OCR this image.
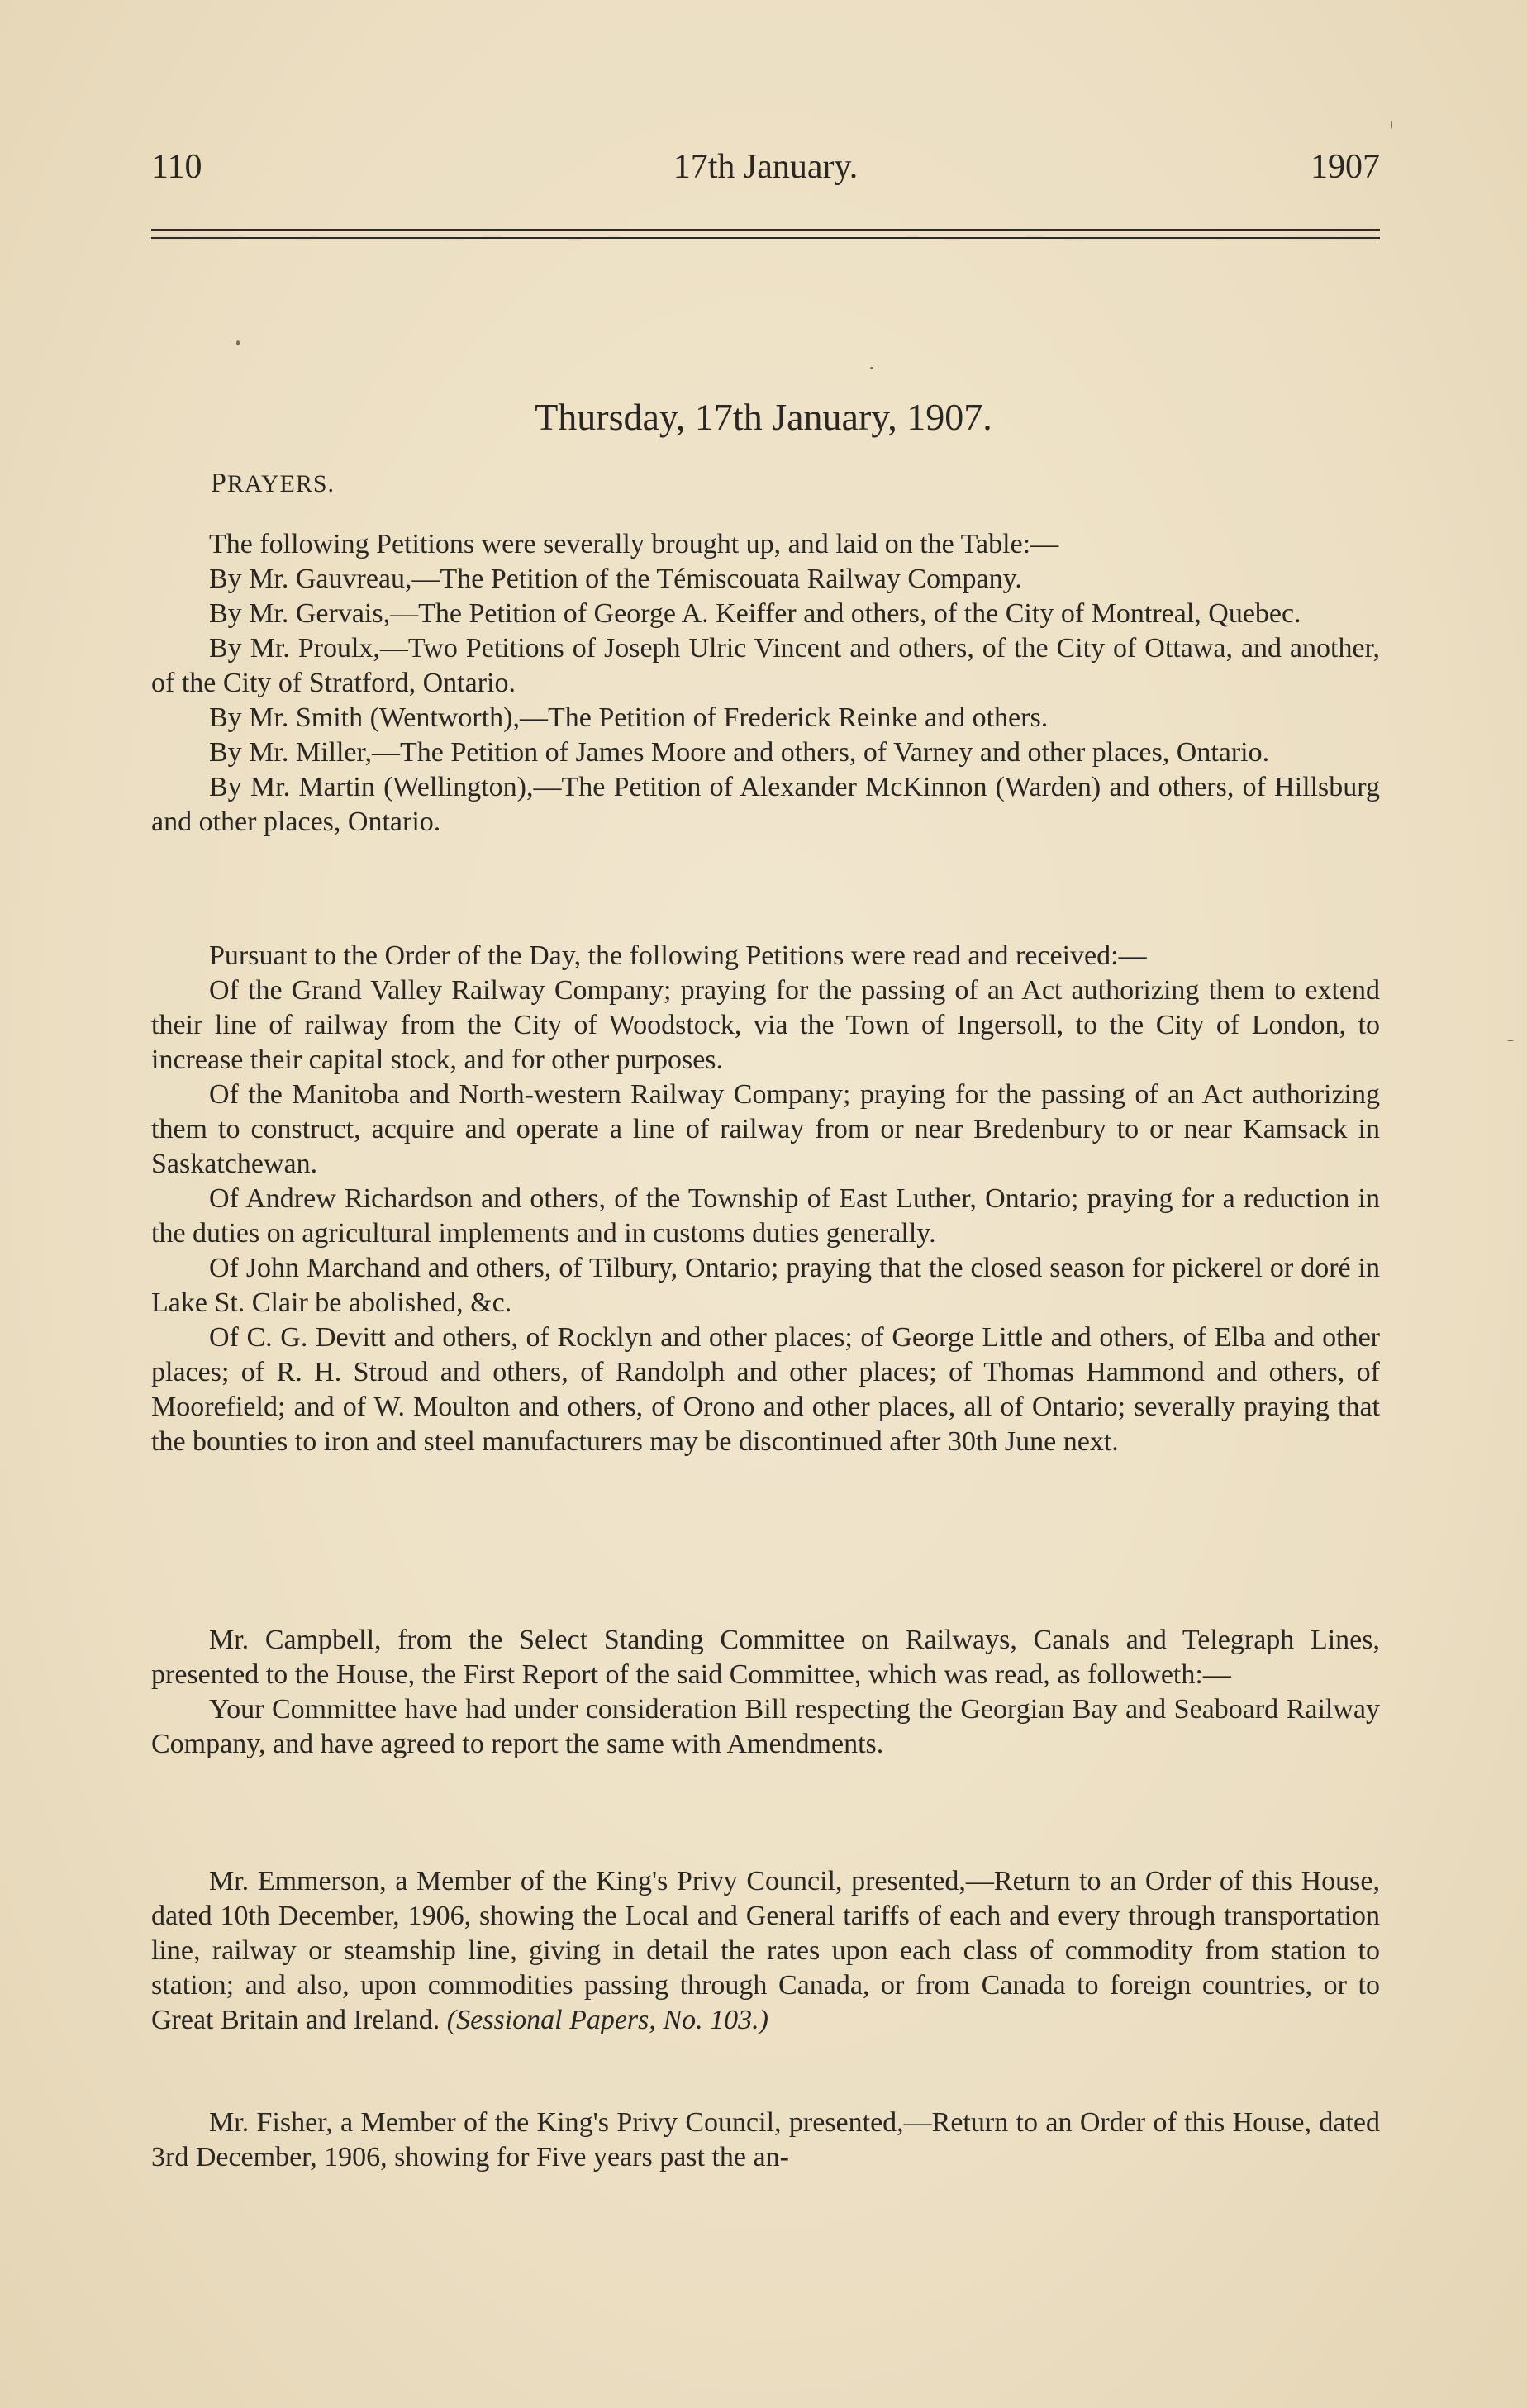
110	17th January.	1907
Thursday, 17th January, 1907.
PRAYERS.

The following Petitions were severally brought up, and laid on the Table:—

By Mr. Gauvreau,—The Petition of the Témiscouata Railway Company.

By Mr. Gervais,—The Petition of George A. Keiffer and others, of the City of Montreal, Quebec.

By Mr. Proulx,—Two Petitions of Joseph Ulric Vincent and others, of the City of Ottawa, and another, of the City of Stratford, Ontario.

By Mr. Smith (Wentworth),—The Petition of Frederick Reinke and others.

By Mr. Miller,—The Petition of James Moore and others, of Varney and other places, Ontario.

By Mr. Martin (Wellington),—The Petition of Alexander McKinnon (Warden) and others, of Hillsburg and other places, Ontario.

Pursuant to the Order of the Day, the following Petitions were read and received:—

Of the Grand Valley Railway Company; praying for the passing of an Act authorizing them to extend their line of railway from the City of Woodstock, via the Town of Ingersoll, to the City of London, to increase their capital stock, and for other purposes.

Of the Manitoba and North-western Railway Company; praying for the passing of an Act authorizing them to construct, acquire and operate a line of railway from or near Bredenbury to or near Kamsack in Saskatchewan.

Of Andrew Richardson and others, of the Township of East Luther, Ontario; praying for a reduction in the duties on agricultural implements and in customs duties generally.

Of John Marchand and others, of Tilbury, Ontario; praying that the closed season for pickerel or doré in Lake St. Clair be abolished, &c.

Of C. G. Devitt and others, of Rocklyn and other places; of George Little and others, of Elba and other places; of R. H. Stroud and others, of Randolph and other places; of Thomas Hammond and others, of Moorefield; and of W. Moulton and others, of Orono and other places, all of Ontario; severally praying that the bounties to iron and steel manufacturers may be discontinued after 30th June next.

Mr. Campbell, from the Select Standing Committee on Railways, Canals and Telegraph Lines, presented to the House, the First Report of the said Committee, which was read, as followeth:—

Your Committee have had under consideration Bill respecting the Georgian Bay and Seaboard Railway Company, and have agreed to report the same with Amendments.

Mr. Emmerson, a Member of the King's Privy Council, presented,—Return to an Order of this House, dated 10th December, 1906, showing the Local and General tariffs of each and every through transportation line, railway or steamship line, giving in detail the rates upon each class of commodity from station to station; and also, upon commodities passing through Canada, or from Canada to foreign countries, or to Great Britain and Ireland. (Sessional Papers, No. 103.)

Mr. Fisher, a Member of the King's Privy Council, presented,—Return to an Order of this House, dated 3rd December, 1906, showing for Five years past the an-
